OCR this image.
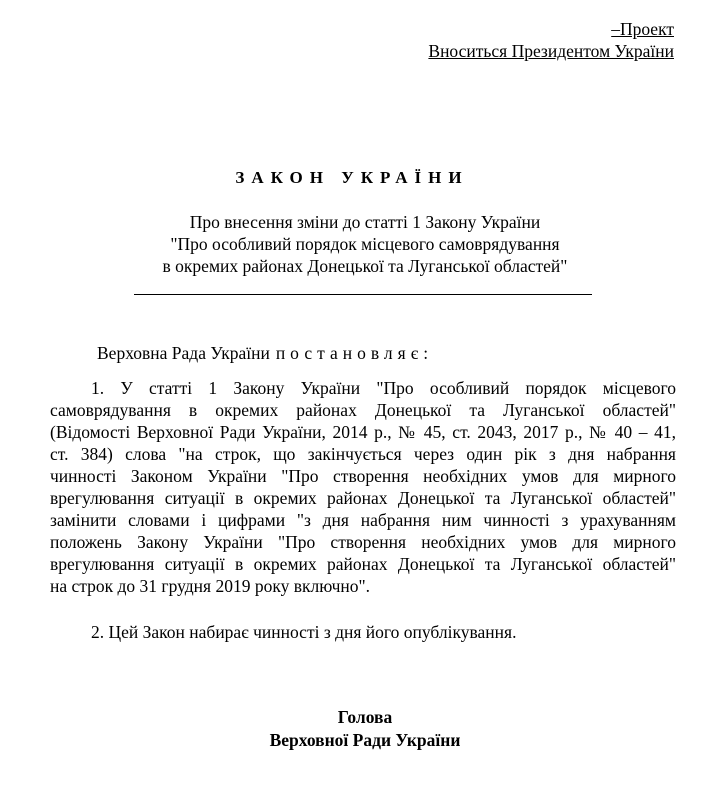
–Проект
Вноситься Президентом України
ЗАКОН УКРАЇНИ
Про внесення зміни до статті 1 Закону України
"Про особливий порядок місцевого самоврядування
в окремих районах Донецької та Луганської областей"
Верховна Рада України постановляє:
1. У статті 1 Закону України "Про особливий порядок місцевого
самоврядування в окремих районах Донецької та Луганської областей"
(Відомості Верховної Ради України, 2014 р., № 45, ст. 2043, 2017 р., № 40 – 41,
ст. 384) слова "на строк, що закінчується через один рік з дня набрання
чинності Законом України "Про створення необхідних умов для мирного
врегулювання ситуації в окремих районах Донецької та Луганської областей"
замінити словами і цифрами "з дня набрання ним чинності з урахуванням
положень Закону України "Про створення необхідних умов для мирного
врегулювання ситуації в окремих районах Донецької та Луганської областей"
на строк до 31 грудня 2019 року включно".
2. Цей Закон набирає чинності з дня його опублікування.
Голова
Верховної Ради України
